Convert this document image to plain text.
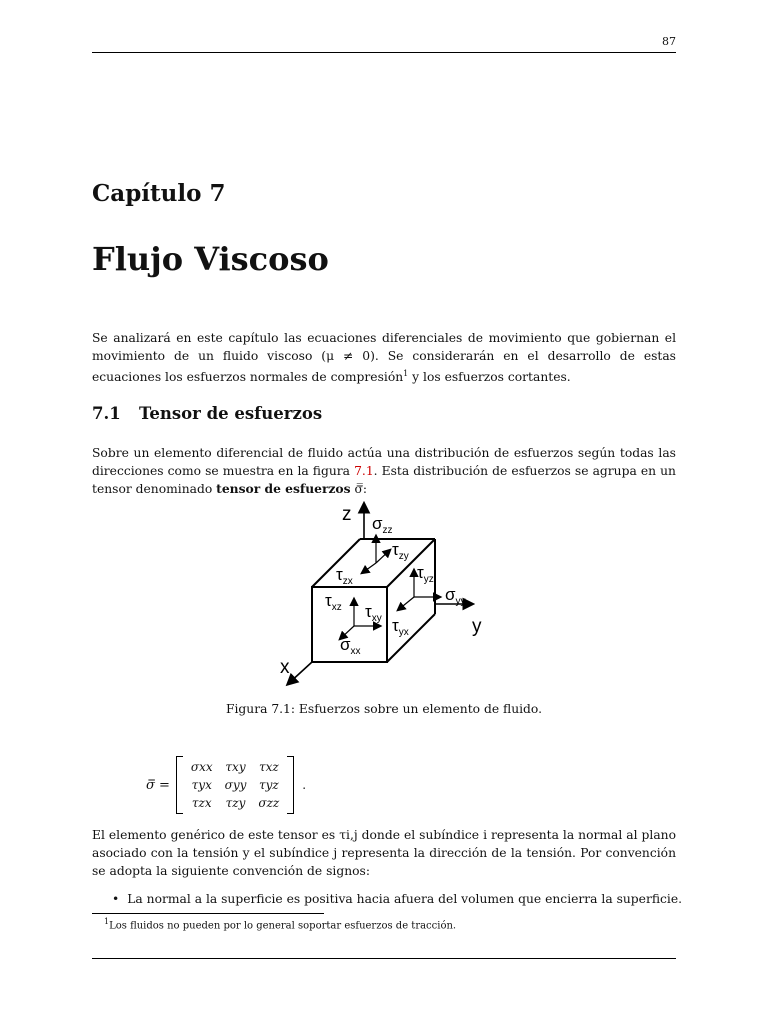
87
Capítulo 7
Flujo Viscoso
Se analizará en este capítulo las ecuaciones diferenciales de movimiento que gobiernan el movimiento de un fluido viscoso (μ ≠ 0). Se considerarán en el desarrollo de estas ecuaciones los esfuerzos normales de compresión$^1$ y los esfuerzos cortantes.
7.1 Tensor de esfuerzos
Sobre un elemento diferencial de fluido actúa una distribución de esfuerzos según todas las direcciones como se muestra en la figura 7.1. Esta distribución de esfuerzos se agrupa en un tensor denominado tensor de esfuerzos σ̿:
z
y
x
$\sigma_{zz}$
$\tau_{zy}$
$\tau_{zx}$	$\tau_{yz}$
$\sigma_{yy}$
$\tau_{xz}$ $\tau_{xy}$ $\tau_{yx}$
$\sigma_{xx}$
Figura 7.1: Esfuerzos sobre un elemento de fluido.
σ̿ =
σxx	τxy	τxz
τyx	σyy	τyz
τzx	τzy	σzz
.
El elemento genérico de este tensor es τi,j donde el subíndice i representa la normal al plano asociado con la tensión y el subíndice j representa la dirección de la tensión. Por convención se adopta la siguiente convención de signos:
• La normal a la superficie es positiva hacia afuera del volumen que encierra la superficie.
$^1$Los fluidos no pueden por lo general soportar esfuerzos de tracción.
